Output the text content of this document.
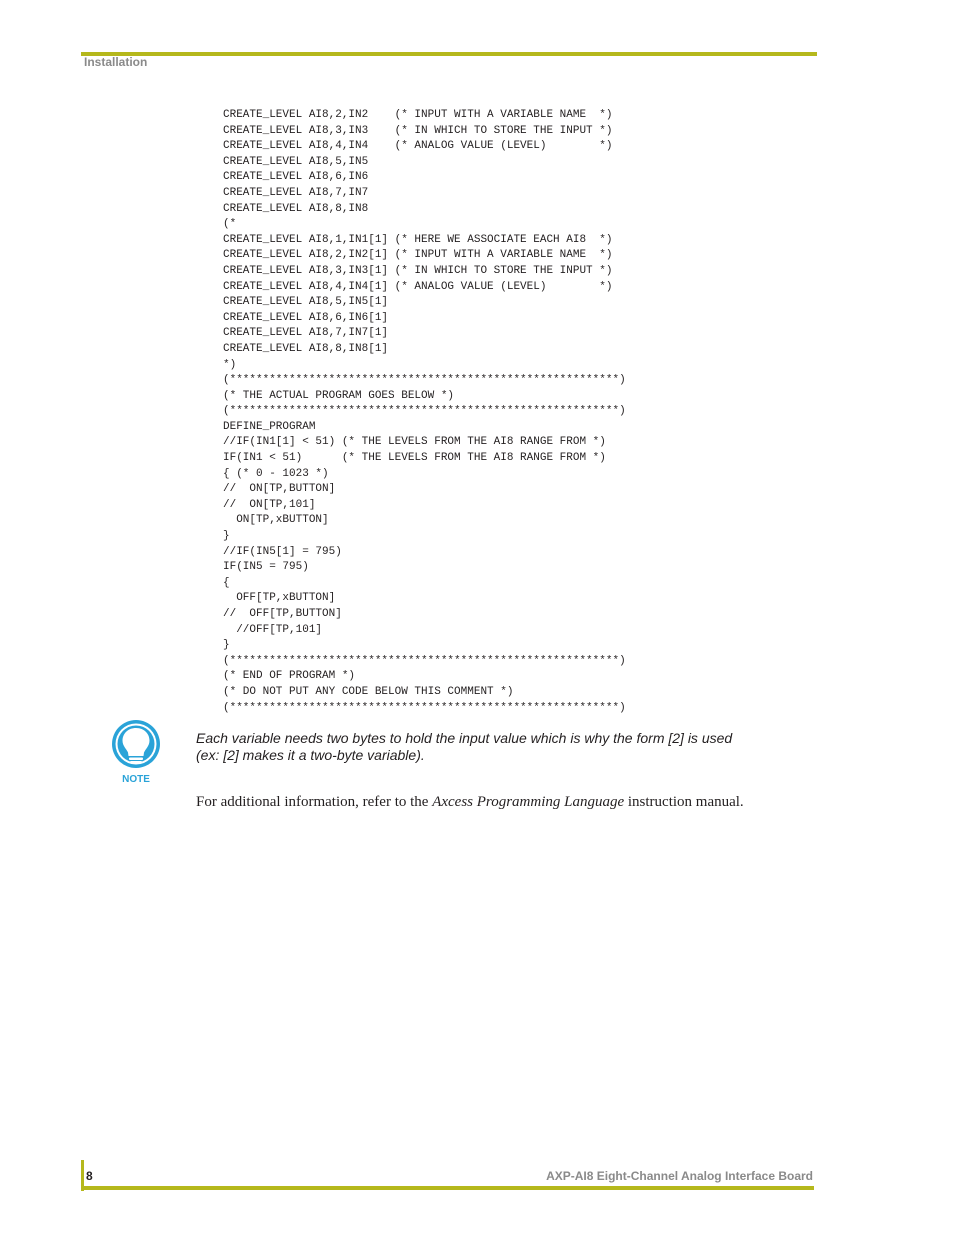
Installation
CREATE_LEVEL AI8,2,IN2    (* INPUT WITH A VARIABLE NAME  *)
CREATE_LEVEL AI8,3,IN3    (* IN WHICH TO STORE THE INPUT *)
CREATE_LEVEL AI8,4,IN4    (* ANALOG VALUE (LEVEL)        *)
CREATE_LEVEL AI8,5,IN5
CREATE_LEVEL AI8,6,IN6
CREATE_LEVEL AI8,7,IN7
CREATE_LEVEL AI8,8,IN8
(*
CREATE_LEVEL AI8,1,IN1[1] (* HERE WE ASSOCIATE EACH AI8  *)
CREATE_LEVEL AI8,2,IN2[1] (* INPUT WITH A VARIABLE NAME  *)
CREATE_LEVEL AI8,3,IN3[1] (* IN WHICH TO STORE THE INPUT *)
CREATE_LEVEL AI8,4,IN4[1] (* ANALOG VALUE (LEVEL)        *)
CREATE_LEVEL AI8,5,IN5[1]
CREATE_LEVEL AI8,6,IN6[1]
CREATE_LEVEL AI8,7,IN7[1]
CREATE_LEVEL AI8,8,IN8[1]
*)
(***********************************************************)
(* THE ACTUAL PROGRAM GOES BELOW *)
(***********************************************************)
DEFINE_PROGRAM
//IF(IN1[1] < 51) (* THE LEVELS FROM THE AI8 RANGE FROM *)
IF(IN1 < 51)      (* THE LEVELS FROM THE AI8 RANGE FROM *)
{ (* 0 - 1023 *)
//  ON[TP,BUTTON]
//  ON[TP,101]
ON[TP,xBUTTON]
}
//IF(IN5[1] = 795)
IF(IN5 = 795)
{
OFF[TP,xBUTTON]
//  OFF[TP,BUTTON]
//OFF[TP,101]
}
(***********************************************************)
(* END OF PROGRAM *)
(* DO NOT PUT ANY CODE BELOW THIS COMMENT *)
(***********************************************************)
NOTE
Each variable needs two bytes to hold the input value which is why the form [2] is used (ex: [2] makes it a two-byte variable).
For additional information, refer to the Axcess Programming Language instruction manual.
8	AXP-AI8 Eight-Channel Analog Interface Board
